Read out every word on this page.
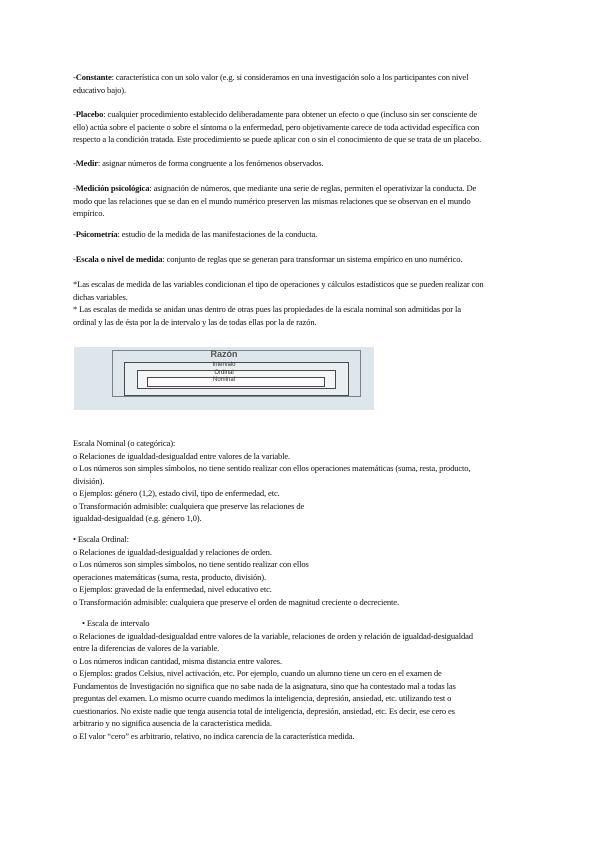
-Constante: característica con un solo valor (e.g. si consideramos en una investigación solo a los participantes con nivel
educativo bajo).
-Placebo: cualquier procedimiento establecido deliberadamente para obtener un efecto o que (incluso sin ser consciente de
ello) actúa sobre el paciente o sobre el síntoma o la enfermedad, pero objetivamente carece de toda actividad específica con
respecto a la condición tratada. Este procedimiento se puede aplicar con o sin el conocimiento de que se trata de un placebo.
-Medir: asignar números de forma congruente a los fenómenos observados.
-Medición psicológica: asignación de números, que mediante una serie de reglas, permiten el operativizar la conducta. De
modo que las relaciones que se dan en el mundo numérico preserven las mismas relaciones que se observan en el mundo
empírico.
-Psicometría: estudio de la medida de las manifestaciones de la conducta.
-Escala o nivel de medida: conjunto de reglas que se generan para transformar un sistema empírico en uno numérico.
*Las escalas de medida de las variables condicionan el tipo de operaciones y cálculos estadísticos que se pueden realizar con
dichas variables.
* Las escalas de medida se anidan unas dentro de otras pues las propiedades de la escala nominal son admitidas por la
ordinal y las de ésta por la de intervalo y las de todas ellas por la de razón.
Razón
Intervalo
Ordinal
Nominal
Escala Nominal (o categórica):
o Relaciones de igualdad-desigualdad entre valores de la variable.
o Los números son simples símbolos, no tiene sentido realizar con ellos operaciones matemáticas (suma, resta, producto,
división).
o Ejemplos: género (1,2), estado civil, tipo de enfermedad, etc.
o Transformación admisible: cualquiera que preserve las relaciones de
igualdad-desigualdad (e.g. género 1,0).
• Escala Ordinal:
o Relaciones de igualdad-desigualdad y relaciones de orden.
o Los números son simples símbolos, no tiene sentido realizar con ellos
operaciones matemáticas (suma, resta, producto, división).
o Ejemplos: gravedad de la enfermedad, nivel educativo etc.
o Transformación admisible: cualquiera que preserve el orden de magnitud creciente o decreciente.
• Escala de intervalo
o Relaciones de igualdad-desigualdad entre valores de la variable, relaciones de orden y relación de igualdad-desigualdad
entre la diferencias de valores de la variable.
o Los números indican cantidad, misma distancia entre valores.
o Ejemplos: grados Celsius, nivel activación, etc. Por ejemplo, cuando un alumno tiene un cero en el examen de
Fundamentos de Investigación no significa que no sabe nada de la asignatura, sino que ha contestado mal a todas las
preguntas del examen. Lo mismo ocurre cuando medimos la inteligencia, depresión, ansiedad, etc. utilizando test o
cuestionarios. No existe nadie que tenga ausencia total de inteligencia, depresión, ansiedad, etc. Es decir, ese cero es
arbitrario y no significa ausencia de la característica medida.
o El valor “cero” es arbitrario, relativo, no indica carencia de la característica medida.
